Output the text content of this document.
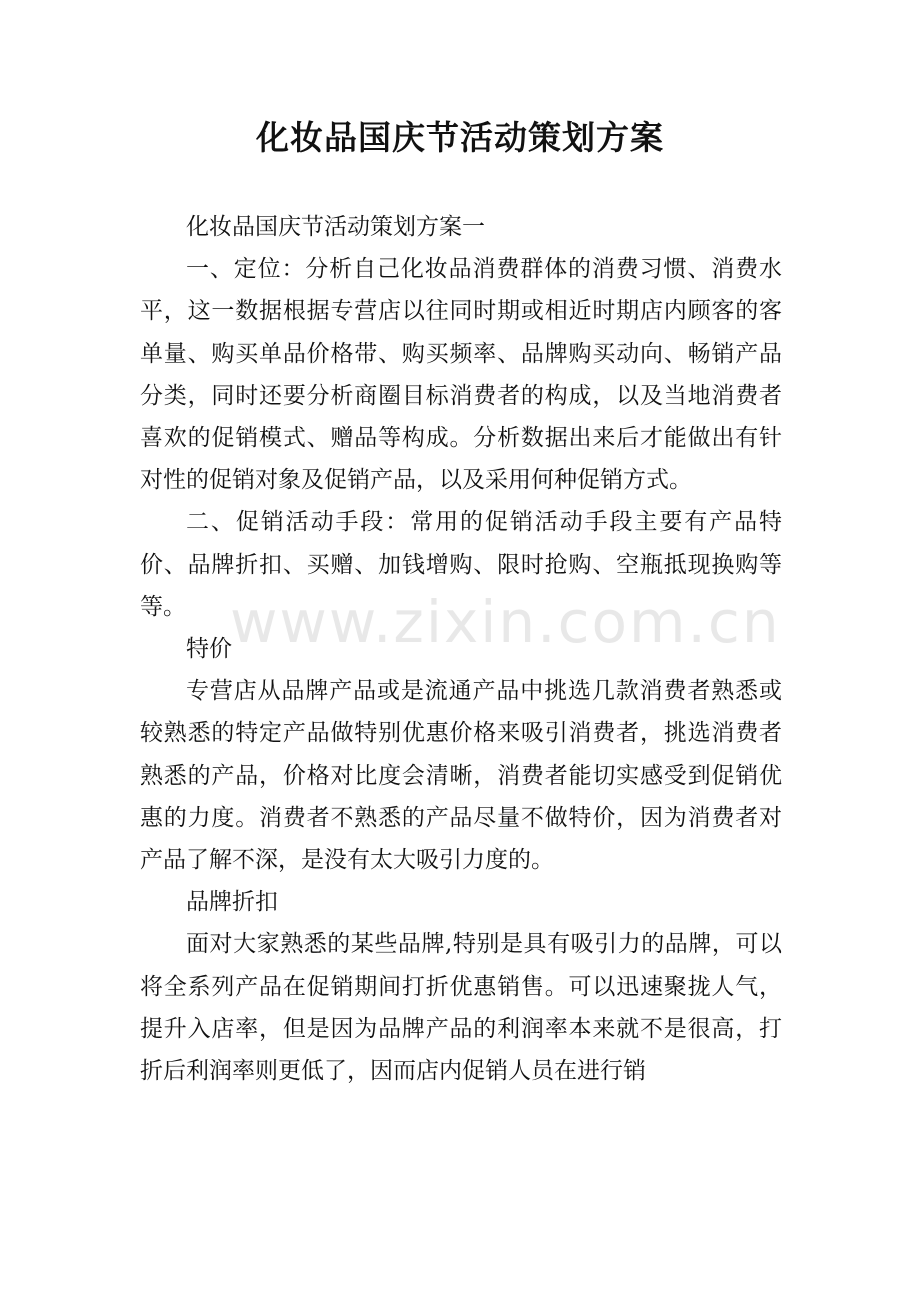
化妆品国庆节活动策划方案

化妆品国庆节活动策划方案一

一、定位：分析自己化妆品消费群体的消费习惯、消费水平，这一数据根据专营店以往同时期或相近时期店内顾客的客单量、购买单品价格带、购买频率、品牌购买动向、畅销产品分类，同时还要分析商圈目标消费者的构成，以及当地消费者喜欢的促销模式、赠品等构成。分析数据出来后才能做出有针对性的促销对象及促销产品，以及采用何种促销方式。

二、促销活动手段：常用的促销活动手段主要有产品特价、品牌折扣、买赠、加钱增购、限时抢购、空瓶抵现换购等等。

特价

专营店从品牌产品或是流通产品中挑选几款消费者熟悉或较熟悉的特定产品做特别优惠价格来吸引消费者，挑选消费者熟悉的产品，价格对比度会清晰，消费者能切实感受到促销优惠的力度。消费者不熟悉的产品尽量不做特价，因为消费者对产品了解不深，是没有太大吸引力度的。

品牌折扣

面对大家熟悉的某些品牌,特别是具有吸引力的品牌，可以将全系列产品在促销期间打折优惠销售。可以迅速聚拢人气，提升入店率，但是因为品牌产品的利润率本来就不是很高，打折后利润率则更低了，因而店内促销人员在进行销

www.zixin.com.cn
